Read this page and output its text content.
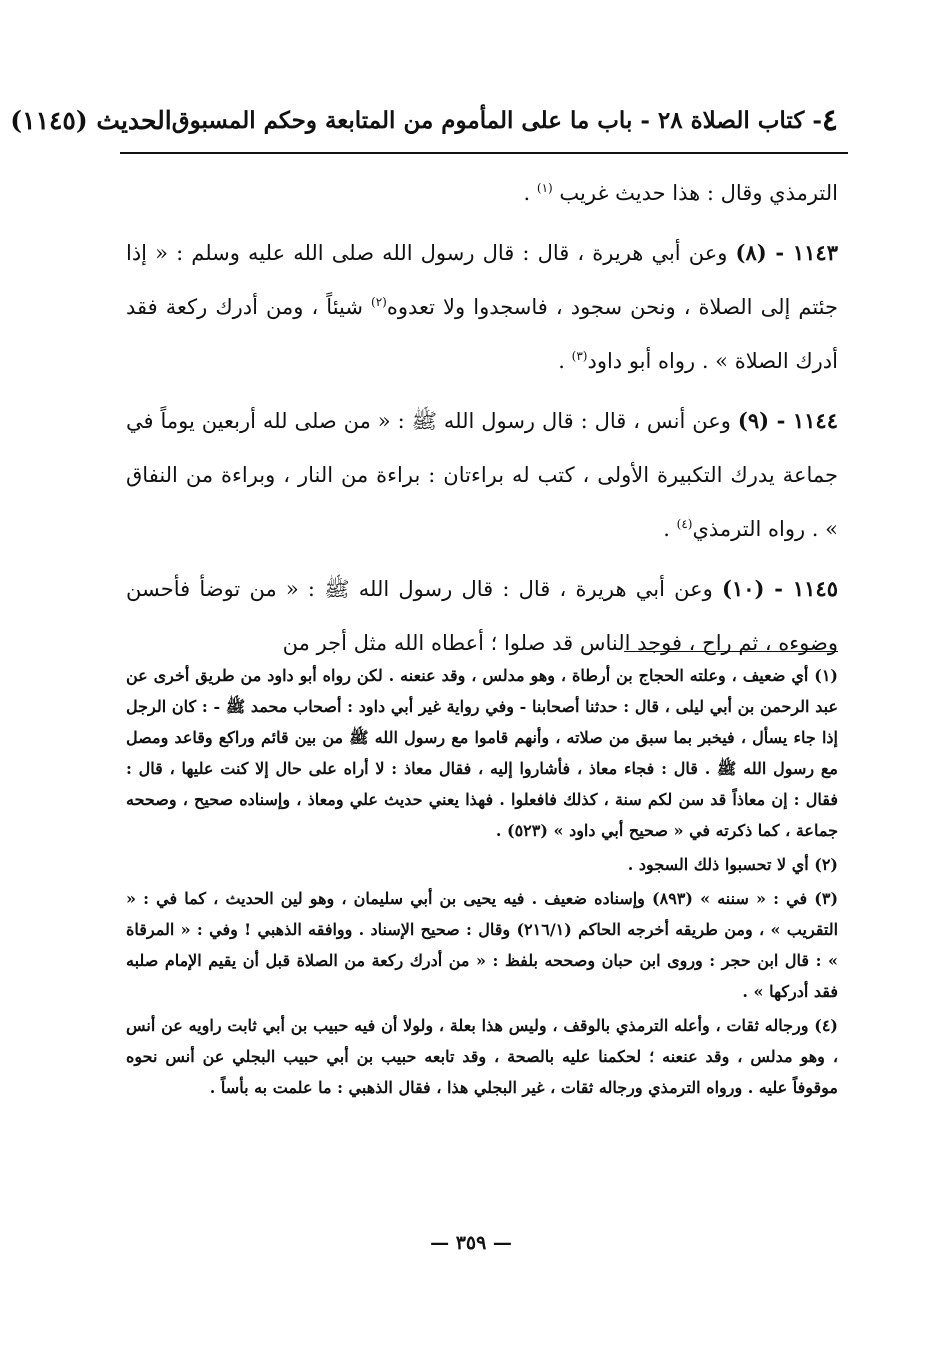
٤
- كتاب الصلاة ٢٨ - باب ما على المأموم من المتابعة وحكم المسبوق
الحديث (١١٤٥)

الترمذي وقال : هذا حديث غريب $^{(١)}$ .

١١٤٣ - (٨) وعن أبي هريرة ، قال : قال رسول الله صلى الله عليه وسلم : « إذا جئتم إلى الصلاة ، ونحن سجود ، فاسجدوا ولا تعدوه$^{(٢)}$ شيئاً ، ومن أدرك ركعة فقد أدرك الصلاة » . رواه أبو داود$^{(٣)}$ .

١١٤٤ - (٩) وعن أنس ، قال : قال رسول الله ﷺ : « من صلى لله أربعين يوماً في جماعة يدرك التكبيرة الأولى ، كتب له براءتان : براءة من النار ، وبراءة من النفاق » . رواه الترمذي$^{(٤)}$ .

١١٤٥ - (١٠) وعن أبي هريرة ، قال : قال رسول الله ﷺ : « من توضأ فأحسن وضوءه ، ثم راح ، فوجد الناس قد صلوا ؛ أعطاه الله مثل أجر من

(١) أي ضعيف ، وعلته الحجاج بن أرطاة ، وهو مدلس ، وقد عنعنه . لكن رواه أبو داود من طريق أخرى عن عبد الرحمن بن أبي ليلى ، قال : حدثنا أصحابنا - وفي رواية غير أبي داود : أصحاب محمد ﷺ - : كان الرجل إذا جاء يسأل ، فيخبر بما سبق من صلاته ، وأنهم قاموا مع رسول الله ﷺ من بين قائم وراكع وقاعد ومصل مع رسول الله ﷺ . قال : فجاء معاذ ، فأشاروا إليه ، فقال معاذ : لا أراه على حال إلا كنت عليها ، قال : فقال : إن معاذاً قد سن لكم سنة ، كذلك فافعلوا . فهذا يعني حديث علي ومعاذ ، وإسناده صحيح ، وصححه جماعة ، كما ذكرته في « صحيح أبي داود » (٥٢٣) .

(٢) أي لا تحسبوا ذلك السجود .

(٣) في : « سننه » (٨٩٣) وإسناده ضعيف . فيه يحيى بن أبي سليمان ، وهو لين الحديث ، كما في : « التقريب » ، ومن طريقه أخرجه الحاكم (٢١٦/١) وقال : صحيح الإسناد . ووافقه الذهبي ! وفي : « المرقاة » : قال ابن حجر : وروى ابن حبان وصححه بلفظ : « من أدرك ركعة من الصلاة قبل أن يقيم الإمام صلبه فقد أدركها » .

(٤) ورجاله ثقات ، وأعله الترمذي بالوقف ، وليس هذا بعلة ، ولولا أن فيه حبيب بن أبي ثابت راويه عن أنس ، وهو مدلس ، وقد عنعنه ؛ لحكمنا عليه بالصحة ، وقد تابعه حبيب بن أبي حبيب البجلي عن أنس نحوه موقوفاً عليه . ورواه الترمذي ورجاله ثقات ، غير البجلي هذا ، فقال الذهبي : ما علمت به بأساً .

— ٣٥٩ —
